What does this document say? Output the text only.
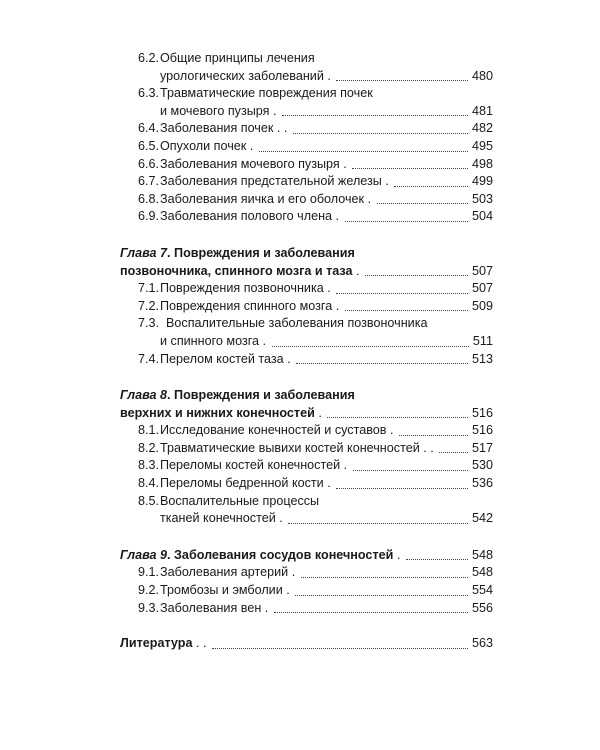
6.2. Общие принципы лечения
урологических заболеваний .	480
6.3. Травматические повреждения почек
и мочевого пузыря .	481
6.4. Заболевания почек . .	482
6.5. Опухоли почек .	495
6.6. Заболевания мочевого пузыря .	498
6.7. Заболевания предстательной железы .	499
6.8. Заболевания яичка и его оболочек .	503
6.9. Заболевания полового члена .	504
Глава 7. Повреждения и заболевания
позвоночника, спинного мозга и таза .	507
7.1. Повреждения позвоночника .	507
7.2. Повреждения спинного мозга .	509
7.3. Воспалительные заболевания позвоночника
и спинного мозга .	511
7.4. Перелом костей таза .	513
Глава 8. Повреждения и заболевания
верхних и нижних конечностей .	516
8.1. Исследование конечностей и суставов .	516
8.2. Травматические вывихи костей конечностей . .	517
8.3. Переломы костей конечностей .	530
8.4. Переломы бедренной кости .	536
8.5. Воспалительные процессы
тканей конечностей .	542
Глава 9. Заболевания сосудов конечностей .	548
9.1. Заболевания артерий .	548
9.2. Тромбозы и эмболии .	554
9.3. Заболевания вен .	556
Литература . .	563
